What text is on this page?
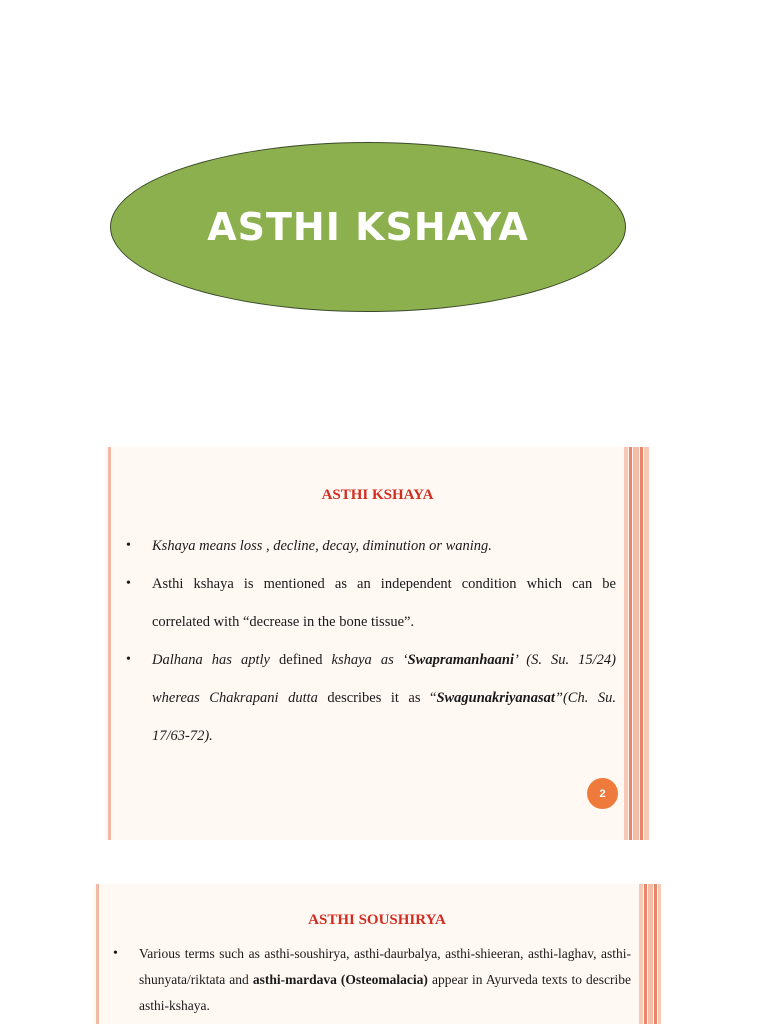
ASTHI KSHAYA
ASTHI KSHAYA
• Kshaya means loss , decline, decay, diminution or waning.
• Asthi kshaya is mentioned as an independent condition which can be
correlated with “decrease in the bone tissue”.
• Dalhana has aptly defined kshaya as ‘Swapramanhaani’ (S. Su. 15/24) whereas Chakrapani dutta describes it as “Swagunakriyanasat”(Ch. Su. 17/63-72).
2
ASTHI SOUSHIRYA
• Various terms such as asthi-soushirya, asthi-daurbalya, asthi-shieeran, asthi-laghav, asthi-shunyata/riktata and asthi-mardava (Osteomalacia) appear in Ayurveda texts to describe asthi-kshaya.
